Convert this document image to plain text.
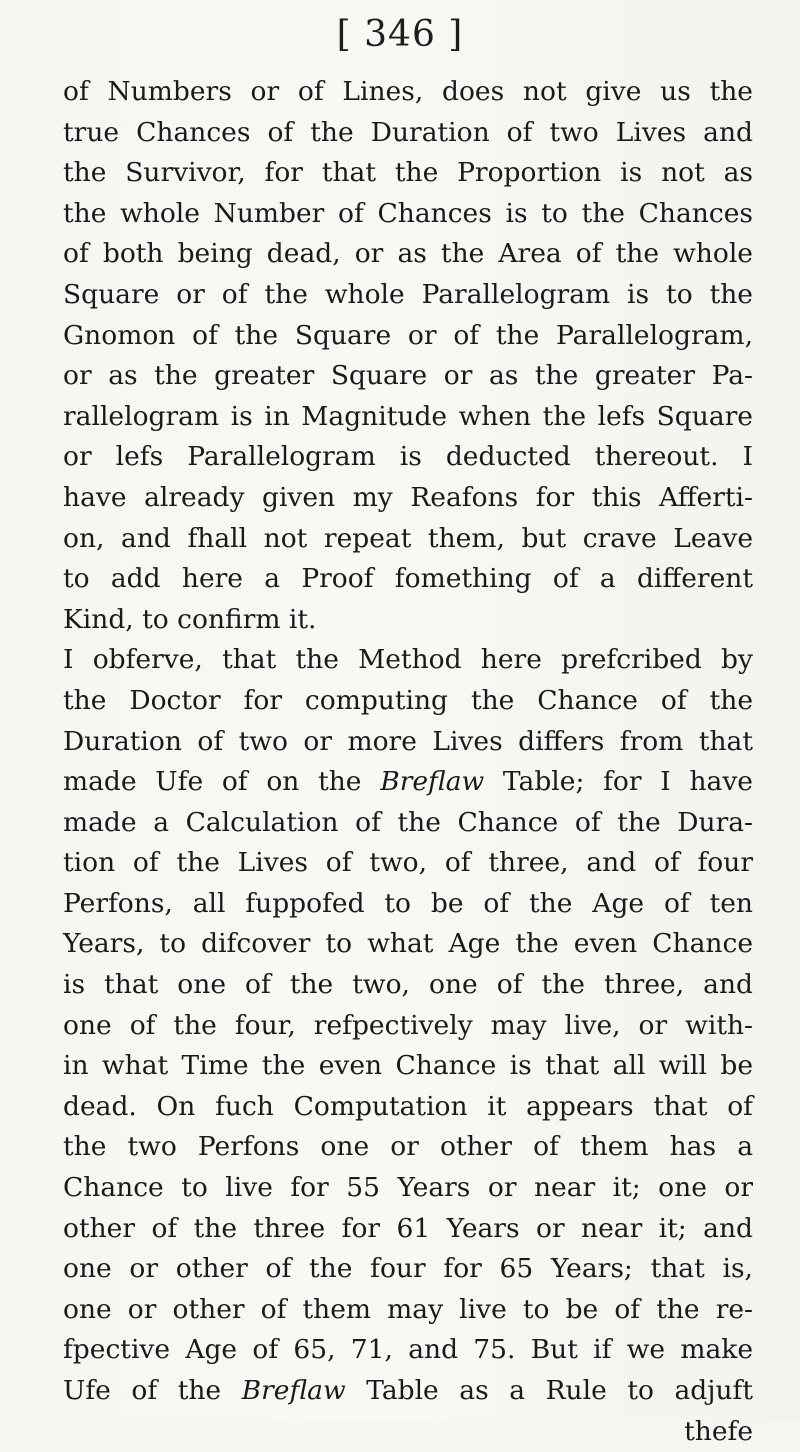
[ 346 ]
of Numbers or of Lines, does not give us the
true Chances of the Duration of two Lives and
the Survivor, for that the Proportion is not as
the whole Number of Chances is to the Chances
of both being dead, or as the Area of the whole
Square or of the whole Parallelogram is to the
Gnomon of the Square or of the Parallelogram,
or as the greater Square or as the greater Pa-
rallelogram is in Magnitude when the lefs Square
or lefs Parallelogram is deducted thereout. I
have already given my Reafons for this Afferti-
on, and fhall not repeat them, but crave Leave
to add here a Proof fomething of a different
Kind, to confirm it.
I obferve, that the Method here prefcribed by
the Doctor for computing the Chance of the
Duration of two or more Lives differs from that
made Ufe of on the Breflaw Table; for I have
made a Calculation of the Chance of the Dura-
tion of the Lives of two, of three, and of four
Perfons, all fuppofed to be of the Age of ten
Years, to difcover to what Age the even Chance
is that one of the two, one of the three, and
one of the four, refpectively may live, or with-
in what Time the even Chance is that all will be
dead. On fuch Computation it appears that of
the two Perfons one or other of them has a
Chance to live for 55 Years or near it; one or
other of the three for 61 Years or near it; and
one or other of the four for 65 Years; that is,
one or other of them may live to be of the re-
fpective Age of 65, 71, and 75. But if we make
Ufe of the Breflaw Table as a Rule to adjuft
thefe
